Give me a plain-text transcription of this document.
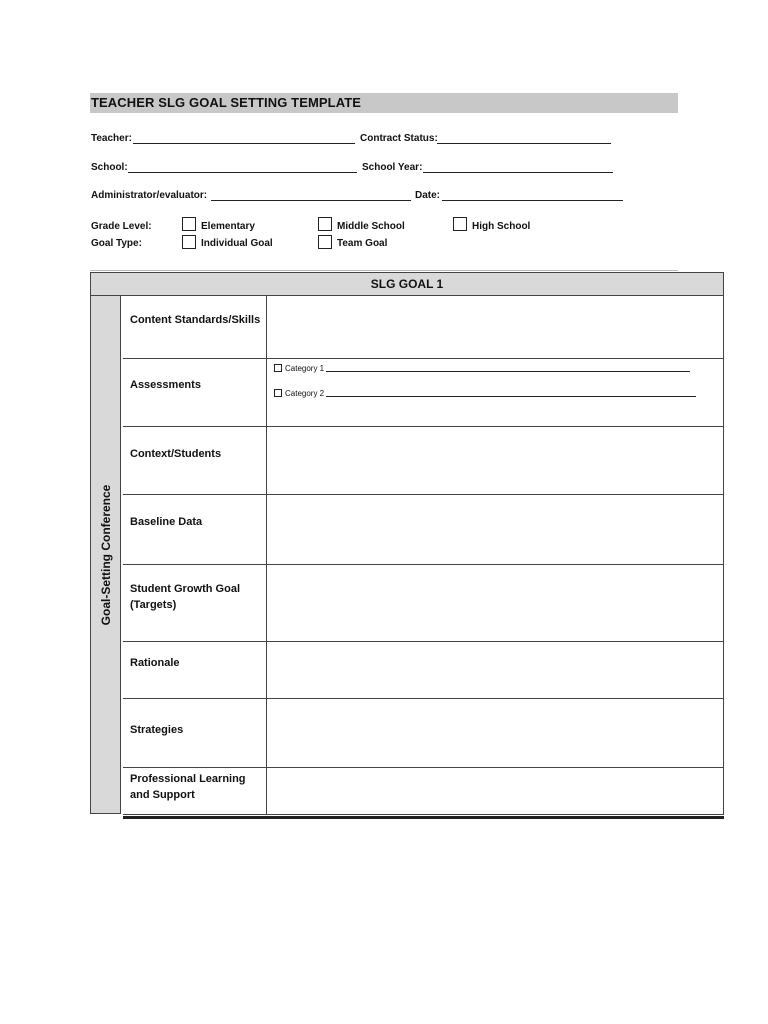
TEACHER SLG GOAL SETTING TEMPLATE
Teacher:	Contract Status:
School:	School Year:
Administrator/evaluator:	Date:
Grade Level:	Elementary	Middle School	High School
Goal Type:	Individual Goal	Team Goal
SLG GOAL 1
Goal-Setting Conference
Content Standards/Skills
Assessments
Category 1
Category 2
Context/Students
Baseline Data
Student Growth Goal (Targets)
Rationale
Strategies
Professional Learning and Support
